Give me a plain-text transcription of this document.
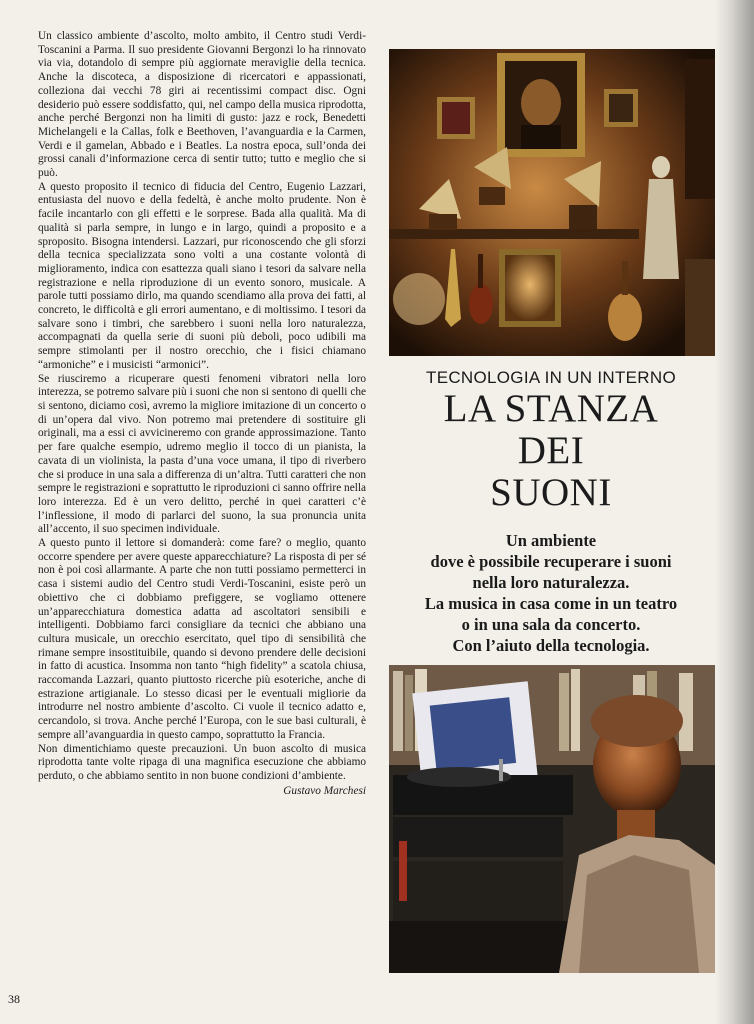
Un classico ambiente d’ascolto, molto ambito, il Centro studi Verdi-Toscanini a Parma. Il suo presidente Giovanni Bergonzi lo ha rinnovato via via, dotandolo di sempre più aggiornate meraviglie della tecnica. Anche la discoteca, a disposizione di ricercatori e appassionati, colleziona dai vecchi 78 giri ai recentissimi compact disc. Ogni desiderio può essere soddisfatto, qui, nel campo della musica riprodotta, anche perché Bergonzi non ha limiti di gusto: jazz e rock, Benedetti Michelangeli e la Callas, folk e Beethoven, l’avanguardia e la Carmen, Verdi e il gamelan, Abbado e i Beatles. La nostra epoca, sull’onda dei grossi canali d’informazione cerca di sentir tutto; tutto e meglio che si può.

A questo proposito il tecnico di fiducia del Centro, Eugenio Lazzari, entusiasta del nuovo e della fedeltà, è anche molto prudente. Non è facile incantarlo con gli effetti e le sorprese. Bada alla qualità. Ma di qualità si parla sempre, in lungo e in largo, quindi a proposito e a sproposito. Bisogna intendersi. Lazzari, pur riconoscendo che gli sforzi della tecnica specializzata sono volti a una costante volontà di miglioramento, indica con esattezza quali siano i tesori da salvare nella registrazione e nella riproduzione di un evento sonoro, musicale. A parole tutti possiamo dirlo, ma quando scendiamo alla prova dei fatti, al concreto, le difficoltà e gli errori aumentano, e di moltissimo. I tesori da salvare sono i timbri, che sarebbero i suoni nella loro naturalezza, accompagnati da quella serie di suoni più deboli, poco udibili ma sempre stimolanti per il nostro orecchio, che i fisici chiamano “armoniche” e i musicisti “armonici”.

Se riusciremo a ricuperare questi fenomeni vibratori nella loro interezza, se potremo salvare più i suoni che non si sentono di quelli che si sentono, diciamo così, avremo la migliore imitazione di un concerto o di un’opera dal vivo. Non potremo mai pretendere di sostituire gli originali, ma a essi ci avvicineremo con grande approssimazione. Tanto per fare qualche esempio, udremo meglio il tocco di un pianista, la cavata di un violinista, la pasta d’una voce umana, il tipo di riverbero che si produce in una sala a differenza di un’altra. Tutti caratteri che non sempre le registrazioni e soprattutto le riproduzioni ci sanno offrire nella loro interezza. Ed è un vero delitto, perché in quei caratteri c’è l’inflessione, il modo di parlarci del suono, la sua pronuncia unita all’accento, il suo specimen individuale.

A questo punto il lettore si domanderà: come fare? o meglio, quanto occorre spendere per avere queste apparecchiature? La risposta di per sé non è poi così allarmante. A parte che non tutti possiamo permetterci in casa i sistemi audio del Centro studi Verdi-Toscanini, esiste però un obiettivo che ci dobbiamo prefiggere, se vogliamo ottenere un’apparecchiatura domestica adatta ad ascoltatori sensibili e intelligenti. Dobbiamo farci consigliare da tecnici che abbiano una cultura musicale, un orecchio esercitato, quel tipo di sensibilità che rimane sempre insostituibile, quando si devono prendere delle decisioni in fatto di acustica. Insomma non tanto “high fidelity” a scatola chiusa, raccomanda Lazzari, quanto piuttosto ricerche più esoteriche, anche di estrazione artigianale. Lo stesso dicasi per le eventuali migliorie da introdurre nel nostro ambiente d’ascolto. Ci vuole il tecnico adatto e, cercandolo, si trova. Anche perché l’Europa, con le sue basi culturali, è sempre all’avanguardia in questo campo, soprattutto la Francia.

Non dimentichiamo queste precauzioni. Un buon ascolto di musica riprodotta tante volte ripaga di una magnifica esecuzione che abbiamo perduto, o che abbiamo sentito in non buone condizioni d’ambiente.

Gustavo Marchesi
38

TECNOLOGIA IN UN INTERNO

LA STANZA
DEI
SUONI
Un ambiente
dove è possibile recuperare i suoni
nella loro naturalezza.
La musica in casa come in un teatro
o in una sala da concerto.
Con l’aiuto della tecnologia.
